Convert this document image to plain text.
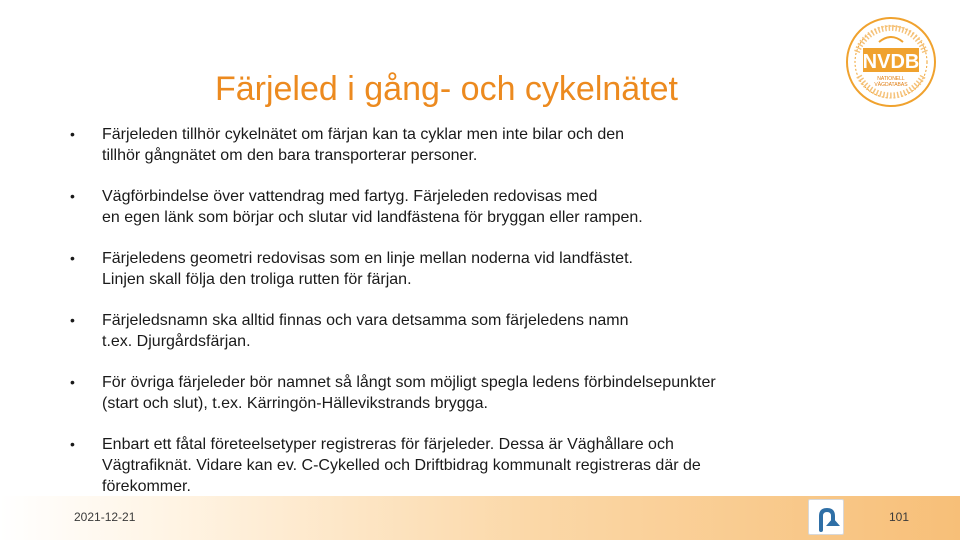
Färjeled i gång- och cykelnätet
NVDB
NATIONELL
VÄGDATABAS
• Färjeleden tillhör cykelnätet om färjan kan ta cyklar men inte bilar och den
tillhör gångnätet om den bara transporterar personer.
• Vägförbindelse över vattendrag med fartyg. Färjeleden redovisas med
en egen länk som börjar och slutar vid landfästena för bryggan eller rampen.
• Färjeledens geometri redovisas som en linje mellan noderna vid landfästet.
Linjen skall följa den troliga rutten för färjan.
• Färjeledsnamn ska alltid finnas och vara detsamma som färjeledens namn
t.ex. Djurgårdsfärjan.
• För övriga färjeleder bör namnet så långt som möjligt spegla ledens förbindelsepunkter
(start och slut), t.ex. Kärringön-Hällevikstrands brygga.
• Enbart ett fåtal företeelsetyper registreras för färjeleder. Dessa är Väghållare och
Vägtrafiknät. Vidare kan ev. C-Cykelled och Driftbidrag kommunalt registreras där de
förekommer.
2021-12-21	101
